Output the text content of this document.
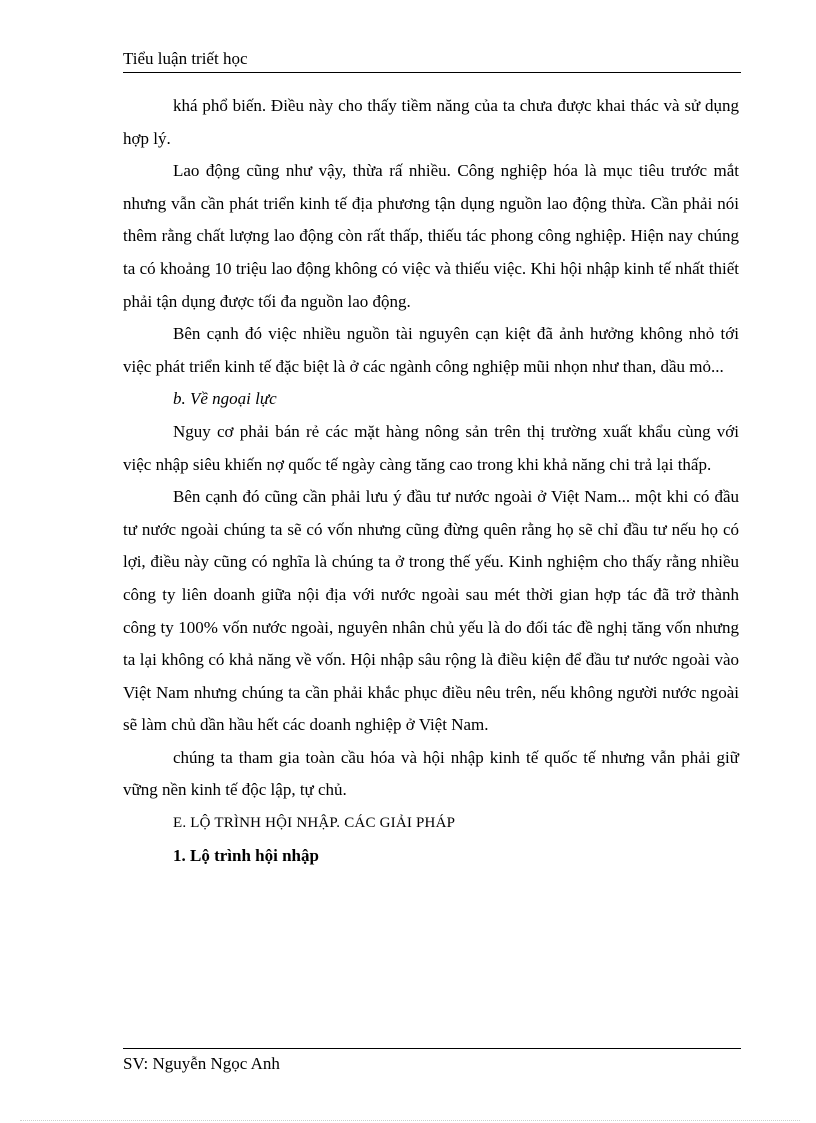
Tiểu luận triết học

khá phổ biến. Điều này cho thấy tiềm năng của ta chưa được khai thác và sử dụng hợp lý.

Lao động cũng như vậy, thừa rấ nhiều. Công nghiệp hóa là mục tiêu trước mắt nhưng vẫn cần phát triển kinh tế địa phương tận dụng nguồn lao động thừa. Cần phải nói thêm rằng chất lượng lao động còn rất thấp, thiếu tác phong công nghiệp. Hiện nay chúng ta có khoảng 10 triệu lao động không có việc và thiếu việc. Khi hội nhập kinh tế nhất thiết phải tận dụng được tối đa nguồn lao động.

Bên cạnh đó việc nhiều nguồn tài nguyên cạn kiệt đã ảnh hưởng không nhỏ tới việc phát triển kinh tế đặc biệt là ở các ngành công nghiệp mũi nhọn như than, dầu mỏ...

b. Về ngoại lực

Nguy cơ phải bán rẻ các mặt hàng nông sản trên thị trường xuất khẩu cùng với việc nhập siêu khiến nợ quốc tế ngày càng tăng cao trong khi khả năng chi trả lại thấp.

Bên cạnh đó cũng cần phải lưu ý đầu tư nước ngoài ở Việt Nam... một khi có đầu tư nước ngoài chúng ta sẽ có vốn nhưng cũng đừng quên rằng họ sẽ chỉ đầu tư nếu họ có lợi, điều này cũng có nghĩa là chúng ta ở trong thế yếu. Kinh nghiệm cho thấy rằng nhiều công ty liên doanh giữa nội địa với nước ngoài sau mét thời gian hợp tác đã trở thành công ty 100% vốn nước ngoài, nguyên nhân chủ yếu là do đối tác đề nghị tăng vốn nhưng ta lại không có khả năng về vốn. Hội nhập sâu rộng là điều kiện để đầu tư nước ngoài vào Việt Nam nhưng chúng ta cần phải khắc phục điều nêu trên, nếu không người nước ngoài sẽ làm chủ dần hầu hết các doanh nghiệp ở Việt Nam.

chúng ta tham gia toàn cầu hóa và hội nhập kinh tế quốc tế nhưng vẫn phải giữ vững nền kinh tế độc lập, tự chủ.

E. LỘ TRÌNH HỘI NHẬP. CÁC GIẢI PHÁP

1. Lộ trình hội nhập

SV: Nguyễn Ngọc Anh
